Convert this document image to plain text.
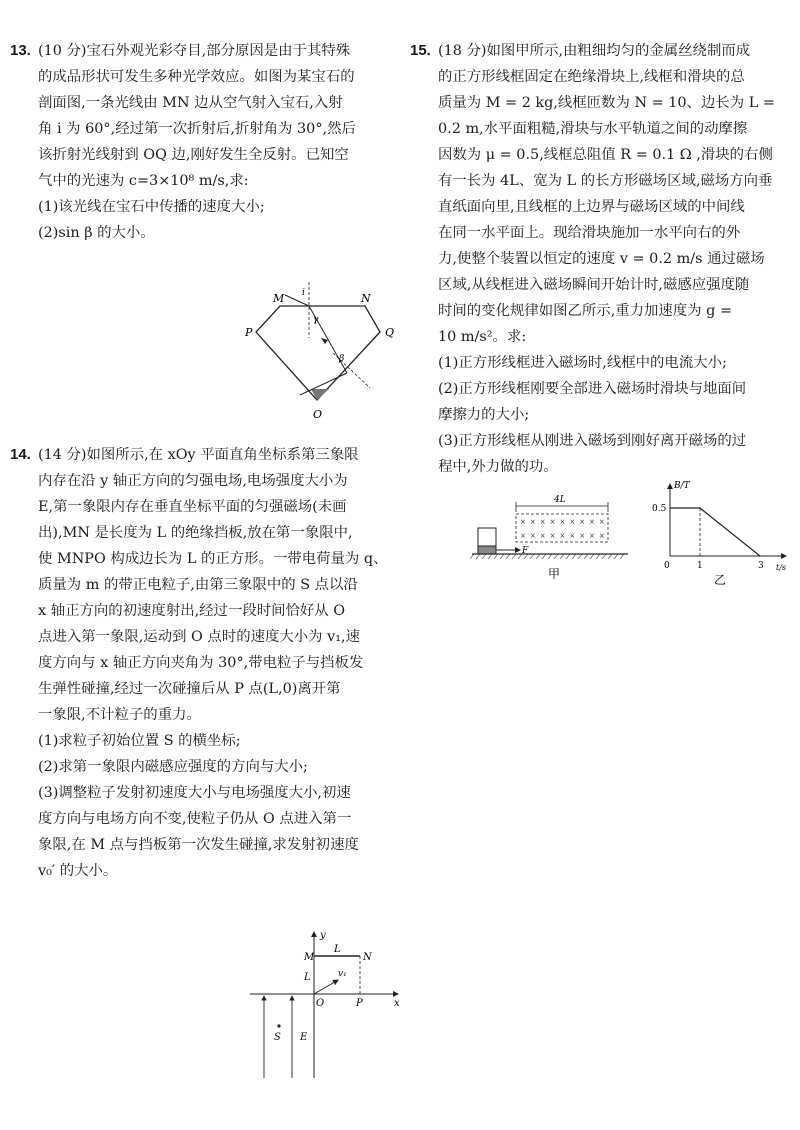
13. (10 分)宝石外观光彩夺目,部分原因是由于其特殊
的成品形状可发生多种光学效应。如图为某宝石的
剖面图,一条光线由 MN 边从空气射入宝石,入射
角 i 为 60°,经过第一次折射后,折射角为 30°,然后
该折射光线射到 OQ 边,刚好发生全反射。已知空
气中的光速为 c=3×10⁸ m/s,求:
(1)该光线在宝石中传播的速度大小;
(2)sin β 的大小。
M	N
P	Q
O
i
γ
β
14. (14 分)如图所示,在 xOy 平面直角坐标系第三象限
内存在沿 y 轴正方向的匀强电场,电场强度大小为
E,第一象限内存在垂直坐标平面的匀强磁场(未画
出),MN 是长度为 L 的绝缘挡板,放在第一象限中,
使 MNPO 构成边长为 L 的正方形。一带电荷量为 q、
质量为 m 的带正电粒子,由第三象限中的 S 点以沿
x 轴正方向的初速度射出,经过一段时间恰好从 O
点进入第一象限,运动到 O 点时的速度大小为 v₁,速
度方向与 x 轴正方向夹角为 30°,带电粒子与挡板发
生弹性碰撞,经过一次碰撞后从 P 点(L,0)离开第
一象限,不计粒子的重力。
(1)求粒子初始位置 S 的横坐标;
(2)求第一象限内磁感应强度的方向与大小;
(3)调整粒子发射初速度大小与电场强度大小,初速
度方向与电场方向不变,使粒子仍从 O 点进入第一
象限,在 M 点与挡板第一次发生碰撞,求发射初速度
v₀′ 的大小。
y
x
M	N
L
L	v₁
O	P
S E
15. (18 分)如图甲所示,由粗细均匀的金属丝绕制而成
的正方形线框固定在绝缘滑块上,线框和滑块的总
质量为 M = 2 kg,线框匝数为 N = 10、边长为 L =
0.2 m,水平面粗糙,滑块与水平轨道之间的动摩擦
因数为 μ = 0.5,线框总阻值 R = 0.1 Ω ,滑块的右侧
有一长为 4L、宽为 L 的长方形磁场区域,磁场方向垂
直纸面向里,且线框的上边界与磁场区域的中间线
在同一水平面上。现给滑块施加一水平向右的外
力,使整个装置以恒定的速度 v = 0.2 m/s 通过磁场
区域,从线框进入磁场瞬间开始计时,磁感应强度随
时间的变化规律如图乙所示,重力加速度为 g =
10 m/s²。求:
(1)正方形线框进入磁场时,线框中的电流大小;
(2)正方形线框刚要全部进入磁场时滑块与地面间
摩擦力的大小;
(3)正方形线框从刚进入磁场到刚好离开磁场的过
程中,外力做的功。
4L
×××××××××
×××××××××
F
甲
B/T
t/s
0.5
0	1	3
乙
